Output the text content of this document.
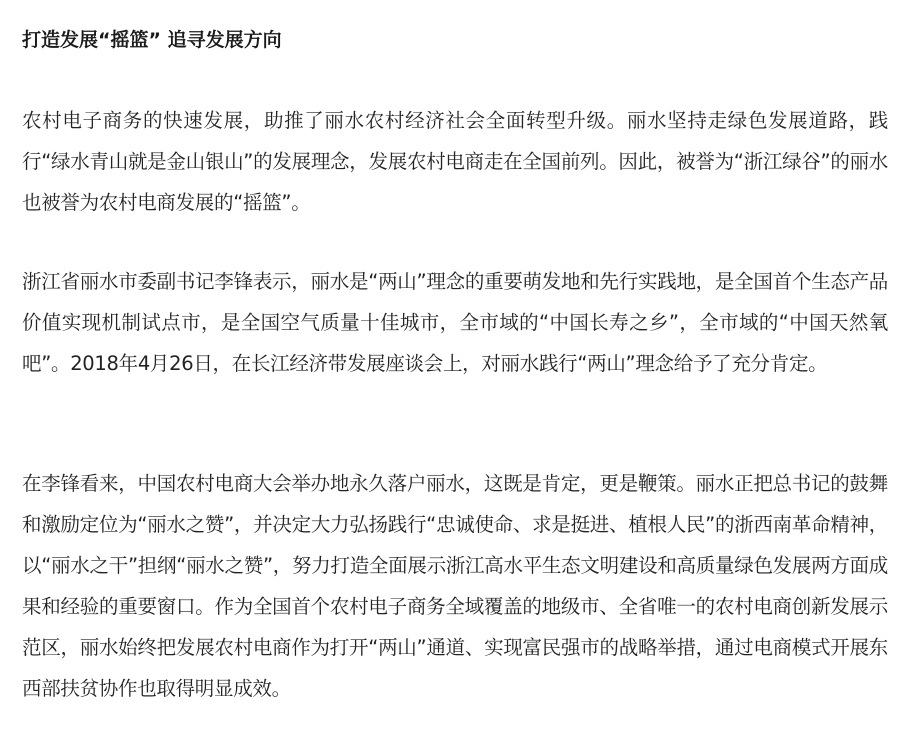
打造发展“摇篮” 追寻发展方向

农村电子商务的快速发展，助推了丽水农村经济社会全面转型升级。丽水坚持走绿色发展道路，践行“绿水青山就是金山银山”的发展理念，发展农村电商走在全国前列。因此，被誉为“浙江绿谷”的丽水也被誉为农村电商发展的“摇篮”。

浙江省丽水市委副书记李锋表示，丽水是“两山”理念的重要萌发地和先行实践地，是全国首个生态产品价值实现机制试点市，是全国空气质量十佳城市，全市域的“中国长寿之乡”，全市域的“中国天然氧吧”。2018年4月26日，在长江经济带发展座谈会上，对丽水践行“两山”理念给予了充分肯定。

在李锋看来，中国农村电商大会举办地永久落户丽水，这既是肯定，更是鞭策。丽水正把总书记的鼓舞和激励定位为“丽水之赞”，并决定大力弘扬践行“忠诚使命、求是挺进、植根人民”的浙西南革命精神，以“丽水之干”担纲“丽水之赞”，努力打造全面展示浙江高水平生态文明建设和高质量绿色发展两方面成果和经验的重要窗口。作为全国首个农村电子商务全域覆盖的地级市、全省唯一的农村电商创新发展示范区，丽水始终把发展农村电商作为打开“两山”通道、实现富民强市的战略举措，通过电商模式开展东西部扶贫协作也取得明显成效。
